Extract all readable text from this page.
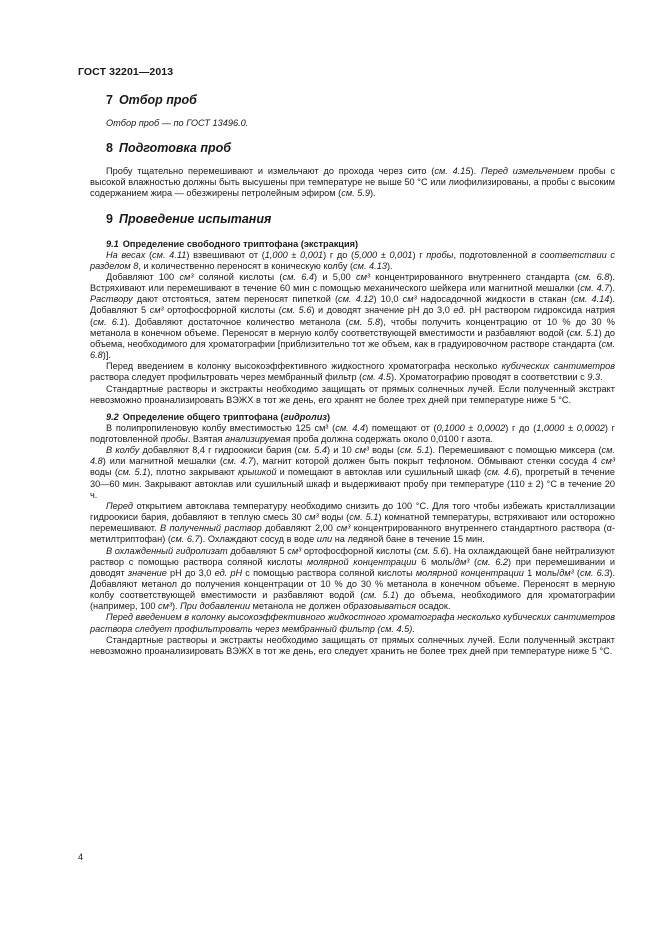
ГОСТ 32201—2013
7 Отбор проб

Отбор проб — по ГОСТ 13496.0.

8 Подготовка проб

Пробу тщательно перемешивают и измельчают до прохода через сито (см. 4.15). Перед измельчением пробы с высокой влажностью должны быть высушены при температуре не выше 50 °С или лиофилизированы, а пробы с высоким содержанием жира — обезжирены петролейным эфиром (см. 5.9).

9 Проведение испытания
9.1 Определение свободного триптофана (экстракция)

На весах (см. 4.11) взвешивают от (1,000 ± 0,001) г до (5,000 ± 0,001) г пробы, подготовленной в соответствии с разделом 8, и количественно переносят в коническую колбу (см. 4.13).

Добавляют 100 см³ соляной кислоты (см. 6.4) и 5,00 см³ концентрированного внутреннего стандарта (см. 6.8). Встряхивают или перемешивают в течение 60 мин с помощью механического шейкера или магнитной мешалки (см. 4.7). Раствору дают отстояться, затем переносят пипеткой (см. 4.12) 10,0 см³ надосадочной жидкости в стакан (см. 4.14). Добавляют 5 см³ ортофосфорной кислоты (см. 5.6) и доводят значение pH до 3,0 ед. pH раствором гидроксида натрия (см. 6.1). Добавляют достаточное количество метанола (см. 5.8), чтобы получить концентрацию от 10 % до 30 % метанола в конечном объеме. Переносят в мерную колбу соответствующей вместимости и разбавляют водой (см. 5.1) до объема, необходимого для хроматографии [приблизительно тот же объем, как в градуировочном растворе стандарта (см. 6.8)].

Перед введением в колонку высокоэффективного жидкостного хроматографа несколько кубических сантиметров раствора следует профильтровать через мембранный фильтр (см. 4.5). Хроматографию проводят в соответствии с 9.3.

Стандартные растворы и экстракты необходимо защищать от прямых солнечных лучей. Если полученный экстракт невозможно проанализировать ВЭЖХ в тот же день, его хранят не более трех дней при температуре ниже 5 °С.

9.2 Определение общего триптофана (гидролиз)

В полипропиленовую колбу вместимостью 125 см³ (см. 4.4) помещают от (0,1000 ± 0,0002) г до (1,0000 ± 0,0002) г подготовленной пробы. Взятая анализируемая проба должна содержать около 0,0100 г азота.

В колбу добавляют 8,4 г гидроокиси бария (см. 5.4) и 10 см³ воды (см. 5.1). Перемешивают с помощью миксера (см. 4.8) или магнитной мешалки (см. 4.7), магнит которой должен быть покрыт тефлоном. Обмывают стенки сосуда 4 см³ воды (см. 5.1), плотно закрывают крышкой и помещают в автоклав или сушильный шкаф (см. 4.6), прогретый в течение 30—60 мин. Закрывают автоклав или сушильный шкаф и выдерживают пробу при температуре (110 ± 2) °С в течение 20 ч.

Перед открытием автоклава температуру необходимо снизить до 100 °С. Для того чтобы избежать кристаллизации гидроокиси бария, добавляют в теплую смесь 30 см³ воды (см. 5.1) комнатной температуры, встряхивают или осторожно перемешивают. В полученный раствор добавляют 2,00 см³ концентрированного внутреннего стандартного раствора (α-метилтриптофан) (см. 6.7). Охлаждают сосуд в воде или на ледяной бане в течение 15 мин.

В охлажденный гидролизат добавляют 5 см³ ортофосфорной кислоты (см. 5.6). На охлаждающей бане нейтрализуют раствор с помощью раствора соляной кислоты молярной концентрации 6 моль/дм³ (см. 6.2) при перемешивании и доводят значение pH до 3,0 ед. pH с помощью раствора соляной кислоты молярной концентрации 1 моль/дм³ (см. 6.3). Добавляют метанол до получения концентрации от 10 % до 30 % метанола в конечном объеме. Переносят в мерную колбу соответствующей вместимости и разбавляют водой (см. 5.1) до объема, необходимого для хроматографии (например, 100 см³). При добавлении метанола не должен образовываться осадок.

Перед введением в колонку высокоэффективного жидкостного хроматографа несколько кубических сантиметров раствора следует профильтровать через мембранный фильтр (см. 4.5).

Стандартные растворы и экстракты необходимо защищать от прямых солнечных лучей. Если полученный экстракт невозможно проанализировать ВЭЖХ в тот же день, его следует хранить не более трех дней при температуре ниже 5 °С.

4
